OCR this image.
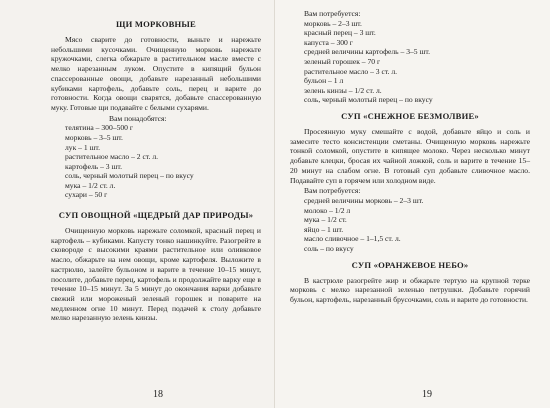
ЩИ МОРКОВНЫЕ

Мясо сварите до готовности, выньте и нарежьте небольшими кусочками. Очищенную морковь нарежьте кружочками, слегка обжарьте в растительном масле вместе с мелко нарезанным луком. Опустите в кипящий бульон спассерованные овощи, добавьте нарезанный небольшими кубиками картофель, добавьте соль, перец и варите до готовности. Когда овощи сварятся, добавьте спассерованную муку. Готовые щи подавайте с белыми сухарями.

Вам понадобятся:
телятина – 300–500 г
морковь – 3–5 шт.
лук – 1 шт.
растительное масло – 2 ст. л.
картофель – 3 шт.
соль, черный молотый перец – по вкусу
мука – 1/2 ст. л.
сухари – 50 г
СУП ОВОЩНОЙ «ЩЕДРЫЙ ДАР ПРИРОДЫ»

Очищенную морковь нарежьте соломкой, красный перец и картофель – кубиками. Капусту тонко нашинкуйте. Разогрейте в сковороде с высокими краями растительное или оливковое масло, обжарьте на нем овощи, кроме картофеля. Выложите в кастрюлю, залейте бульоном и варите в течение 10–15 минут, посолите, добавьте перец, картофель и продолжайте варку еще в течение 10–15 минут. За 5 минут до окончания варки добавьте свежий или мороженый зеленый горошек и поварите на медленном огне 10 минут. Перед подачей к столу добавьте мелко нарезанную зелень кинзы.

18
Вам потребуется:
морковь – 2–3 шт.
красный перец – 3 шт.
капуста – 300 г
средней величины картофель – 3–5 шт.
зеленый горошек – 70 г
растительное масло – 3 ст. л.
бульон – 1 л
зелень кинзы – 1/2 ст. л.
соль, черный молотый перец – по вкусу
СУП «СНЕЖНОЕ БЕЗМОЛВИЕ»

Просеянную муку смешайте с водой, добавьте яйцо и соль и замесите тесто консистенции сметаны. Очищенную морковь нарежьте тонкой соломкой, опустите в кипящее молоко. Через несколько минут добавьте клецки, бросая их чайной ложкой, соль и варите в течение 15–20 минут на слабом огне. В готовый суп добавьте сливочное масло. Подавайте суп в горячем или холодном виде.

Вам потребуется:
средней величины морковь – 2–3 шт.
молоко – 1/2 л
мука – 1/2 ст.
яйцо – 1 шт.
масло сливочное – 1–1,5 ст. л.
соль – по вкусу
СУП «ОРАНЖЕВОЕ НЕБО»

В кастрюле разогрейте жир и обжарьте тертую на крупной терке морковь с мелко нарезанной зеленью петрушки. Добавьте горячий бульон, картофель, нарезанный брусочками, соль и варите до готовности.

19
